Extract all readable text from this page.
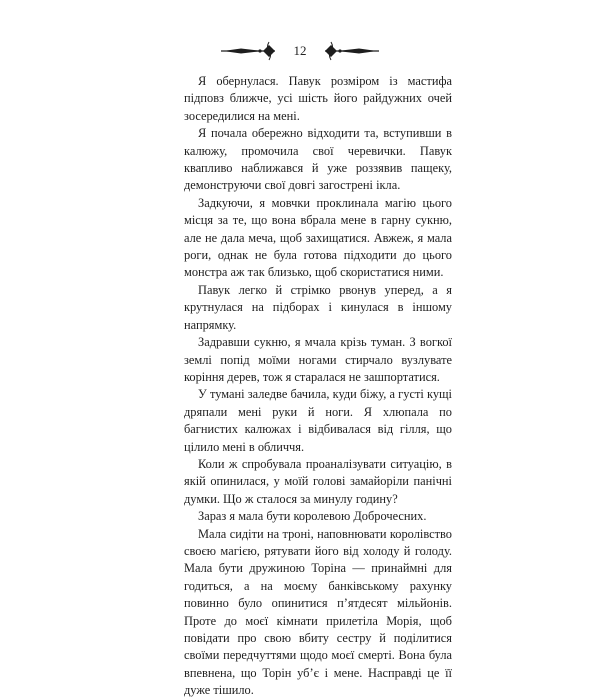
12

Я обернулася. Павук розміром із мастифа підповз ближче, усі шість його райдужних очей зосередилися на мені.

Я почала обережно відходити та, вступивши в калюжу, промочила свої черевички. Павук квапливо наближався й уже роззявив пащеку, демонструючи свої довгі загострені ікла.

Задкуючи, я мовчки проклинала магію цього місця за те, що вона вбрала мене в гарну сукню, але не дала меча, щоб захищатися. Авжеж, я мала роги, однак не була готова підходити до цього монстра аж так близько, щоб скористатися ними.

Павук легко й стрімко рвонув уперед, а я крутнулася на підборах і кинулася в іншому напрямку.

Задравши сукню, я мчала крізь туман. З вогкої землі попід моїми ногами стирчало вузлувате коріння дерев, тож я старалася не зашпортатися.

У тумані заледве бачила, куди біжу, а густі кущі дряпали мені руки й ноги. Я хлюпала по багнистих калюжах і відбивалася від гілля, що цілило мені в обличчя.

Коли ж спробувала проаналізувати ситуацію, в якій опинилася, у моїй голові замайоріли панічні думки. Що ж сталося за минулу годину?

Зараз я мала бути королевою Доброчесних.

Мала сидіти на троні, наповнювати королівство своєю магією, рятувати його від холоду й голоду. Мала бути дружиною Торіна — принаймні для годиться, а на моєму банківському рахунку повинно було опинитися п’ятдесят мільйонів. Проте до моєї кімнати прилетіла Морія, щоб повідати про свою вбиту сестру й поділитися своїми передчуттями щодо моєї смерті. Вона була впевнена, що Торін уб’є і мене. Насправді це її дуже тішило.
